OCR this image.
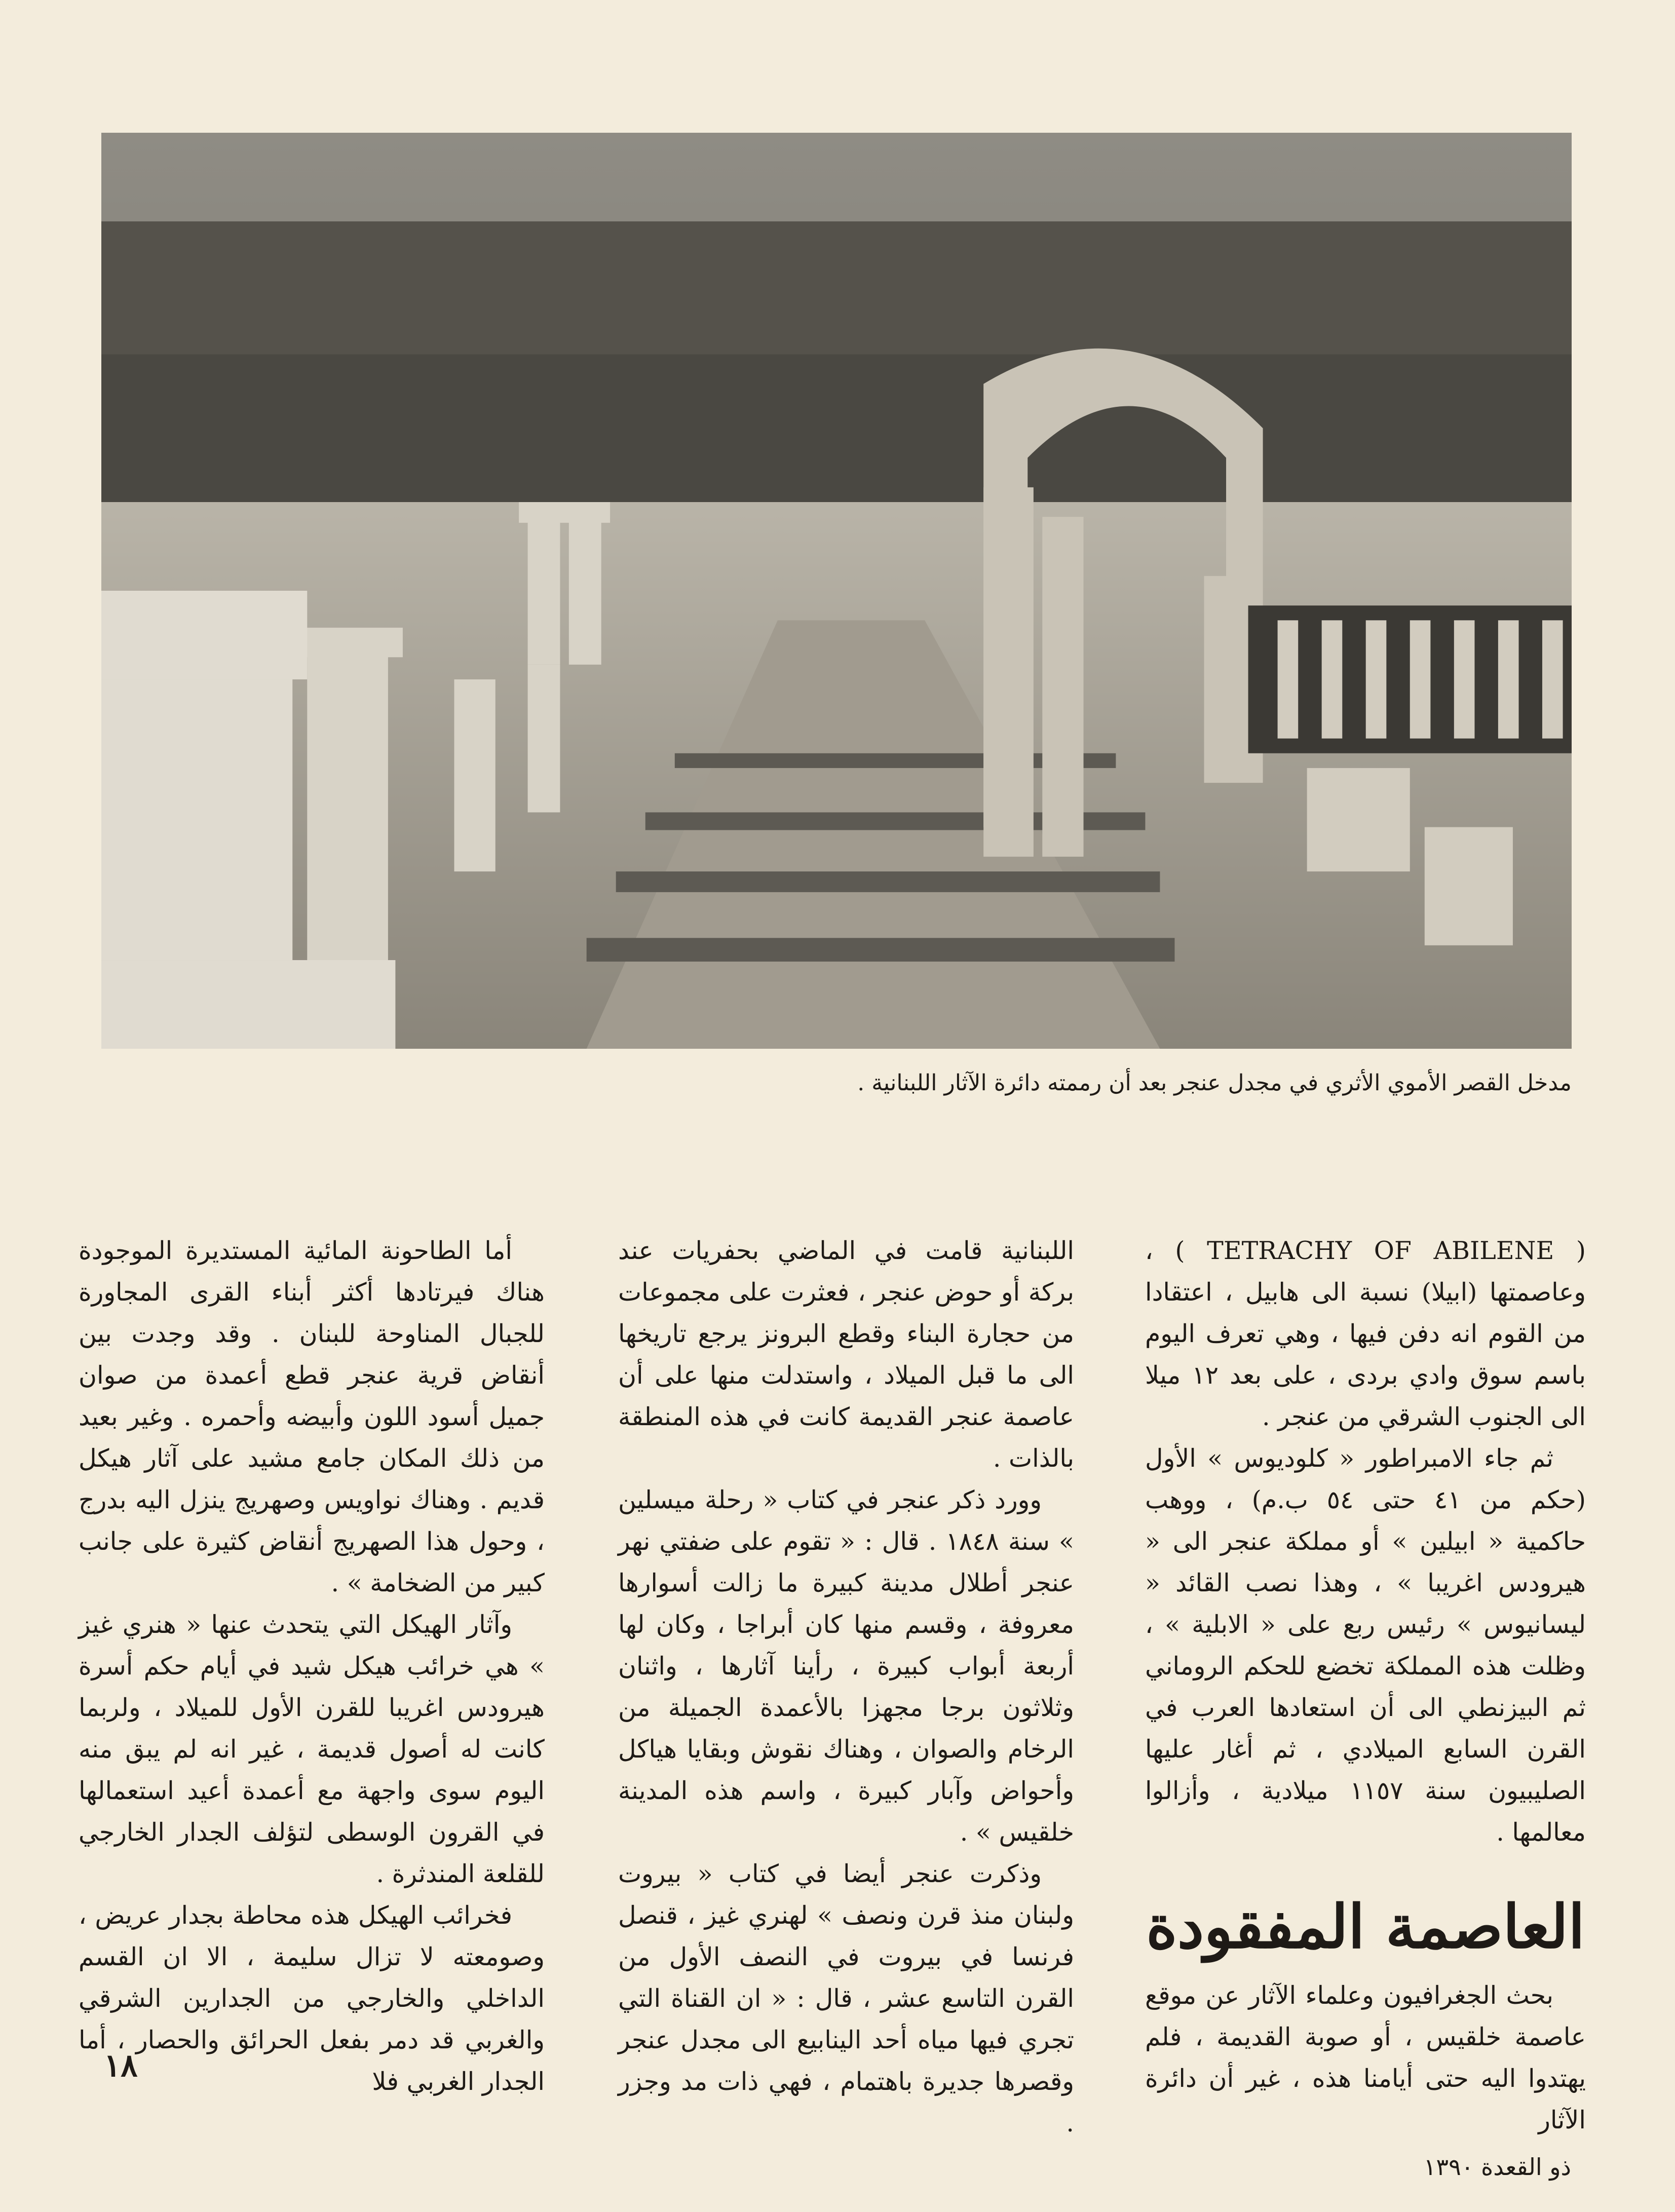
مدخل القصر الأموي الأثري في مجدل عنجر بعد أن رممته دائرة الآثار اللبنانية .

( TETRACHY OF ABILENE ) ، وعاصمتها (ابيلا) نسبة الى هابيل ، اعتقادا من القوم انه دفن فيها ، وهي تعرف اليوم باسم سوق وادي بردى ، على بعد ١٢ ميلا الى الجنوب الشرقي من عنجر .

ثم جاء الامبراطور « كلوديوس » الأول (حكم من ٤١ حتى ٥٤ ب.م) ، ووهب حاكمية « ابيلين » أو مملكة عنجر الى « هيرودس اغريبا » ، وهذا نصب القائد « ليسانيوس » رئيس ربع على « الابلية » ، وظلت هذه المملكة تخضع للحكم الروماني ثم البيزنطي الى أن استعادها العرب في القرن السابع الميلادي ، ثم أغار عليها الصليبيون سنة ١١٥٧ ميلادية ، وأزالوا معالمها .

العاصمة المفقودة

بحث الجغرافيون وعلماء الآثار عن موقع عاصمة خلقيس ، أو صوبة القديمة ، فلم يهتدوا اليه حتى أيامنا هذه ، غير أن دائرة الآثار

اللبنانية قامت في الماضي بحفريات عند بركة أو حوض عنجر ، فعثرت على مجموعات من حجارة البناء وقطع البرونز يرجع تاريخها الى ما قبل الميلاد ، واستدلت منها على أن عاصمة عنجر القديمة كانت في هذه المنطقة بالذات .

وورد ذكر عنجر في كتاب « رحلة ميسلين » سنة ١٨٤٨ . قال : « تقوم على ضفتي نهر عنجر أطلال مدينة كبيرة ما زالت أسوارها معروفة ، وقسم منها كان أبراجا ، وكان لها أربعة أبواب كبيرة ، رأينا آثارها ، واثنان وثلاثون برجا مجهزا بالأعمدة الجميلة من الرخام والصوان ، وهناك نقوش وبقايا هياكل وأحواض وآبار كبيرة ، واسم هذه المدينة خلقيس » .

وذكرت عنجر أيضا في كتاب « بيروت ولبنان منذ قرن ونصف » لهنري غيز ، قنصل فرنسا في بيروت في النصف الأول من القرن التاسع عشر ، قال : « ان القناة التي تجري فيها مياه أحد الينابيع الى مجدل عنجر وقصرها جديرة باهتمام ، فهي ذات مد وجزر .

أما الطاحونة المائية المستديرة الموجودة هناك فيرتادها أكثر أبناء القرى المجاورة للجبال المناوحة للبنان . وقد وجدت بين أنقاض قرية عنجر قطع أعمدة من صوان جميل أسود اللون وأبيضه وأحمره . وغير بعيد من ذلك المكان جامع مشيد على آثار هيكل قديم . وهناك نواويس وصهريج ينزل اليه بدرج ، وحول هذا الصهريج أنقاض كثيرة على جانب كبير من الضخامة » .

وآثار الهيكل التي يتحدث عنها « هنري غيز » هي خرائب هيكل شيد في أيام حكم أسرة هيرودس اغريبا للقرن الأول للميلاد ، ولربما كانت له أصول قديمة ، غير انه لم يبق منه اليوم سوى واجهة مع أعمدة أعيد استعمالها في القرون الوسطى لتؤلف الجدار الخارجي للقلعة المندثرة .

فخرائب الهيكل هذه محاطة بجدار عريض ، وصومعته لا تزال سليمة ، الا ان القسم الداخلي والخارجي من الجدارين الشرقي والغربي قد دمر بفعل الحرائق والحصار ، أما الجدار الغربي فلا

١٨
ذو القعدة ١٣٩٠
